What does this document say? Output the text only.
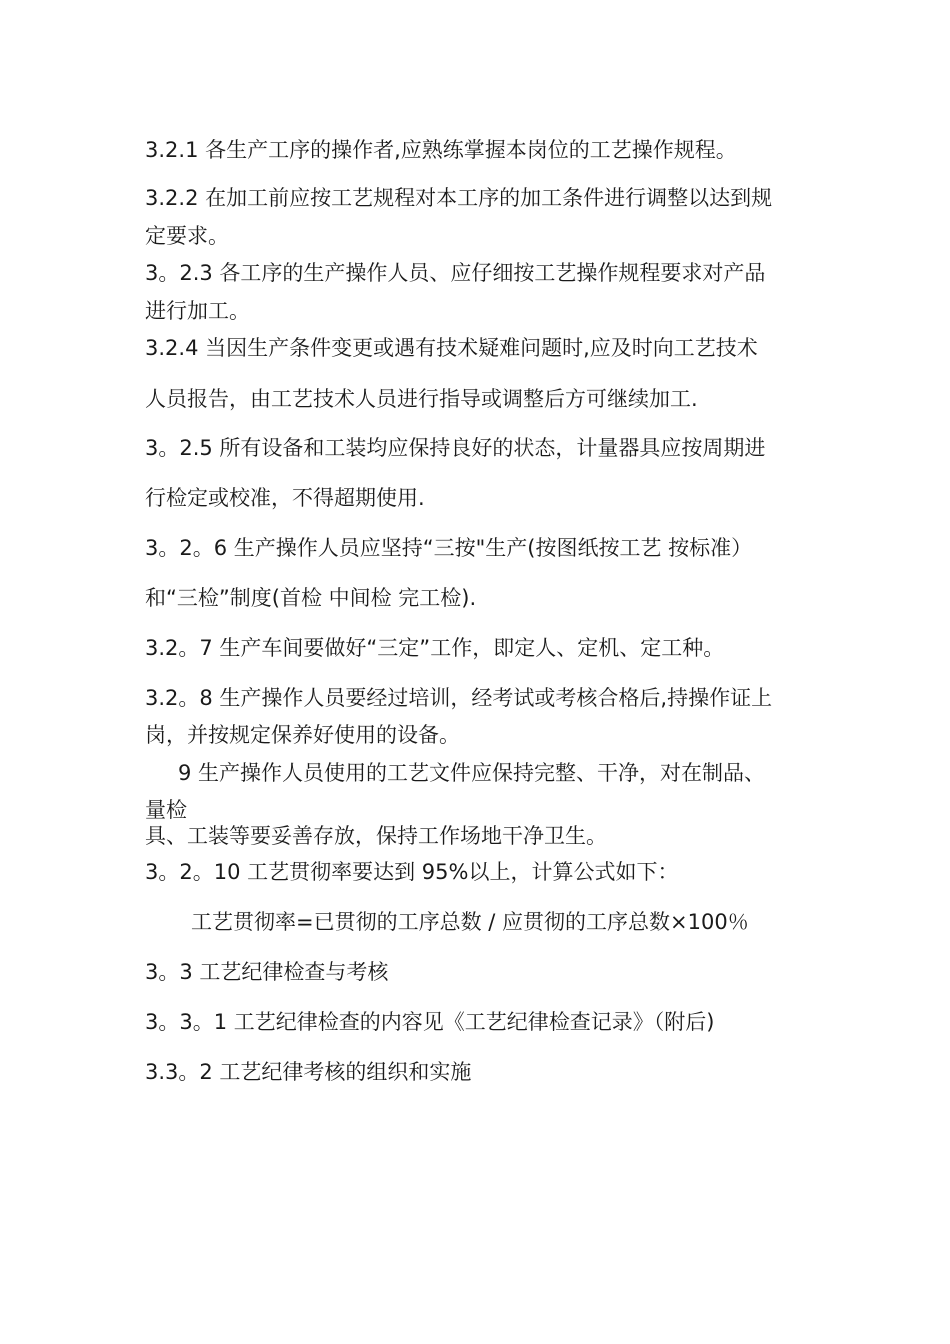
3.2.1 各生产工序的操作者,应熟练掌握本岗位的工艺操作规程。

3.2.2 在加工前应按工艺规程对本工序的加工条件进行调整以达到规

定要求。

3。2.3 各工序的生产操作人员、应仔细按工艺操作规程要求对产品

进行加工。

3.2.4 当因生产条件变更或遇有技术疑难问题时,应及时向工艺技术

人员报告，由工艺技术人员进行指导或调整后方可继续加工.

3。2.5 所有设备和工装均应保持良好的状态，计量器具应按周期进

行检定或校准，不得超期使用.

3。2。6 生产操作人员应坚持“三按"生产(按图纸按工艺 按标准）

和“三检”制度(首检 中间检 完工检).

3.2。7 生产车间要做好“三定”工作，即定人、定机、定工种。

3.2。8 生产操作人员要经过培训，经考试或考核合格后,持操作证上

岗，并按规定保养好使用的设备。

9 生产操作人员使用的工艺文件应保持完整、干净，对在制品、

量检

具、工装等要妥善存放，保持工作场地干净卫生。

3。2。10 工艺贯彻率要达到 95%以上，计算公式如下：

工艺贯彻率=已贯彻的工序总数 / 应贯彻的工序总数×100％

3。3 工艺纪律检查与考核

3。3。1 工艺纪律检查的内容见《工艺纪律检查记录》（附后)

3.3。2 工艺纪律考核的组织和实施
